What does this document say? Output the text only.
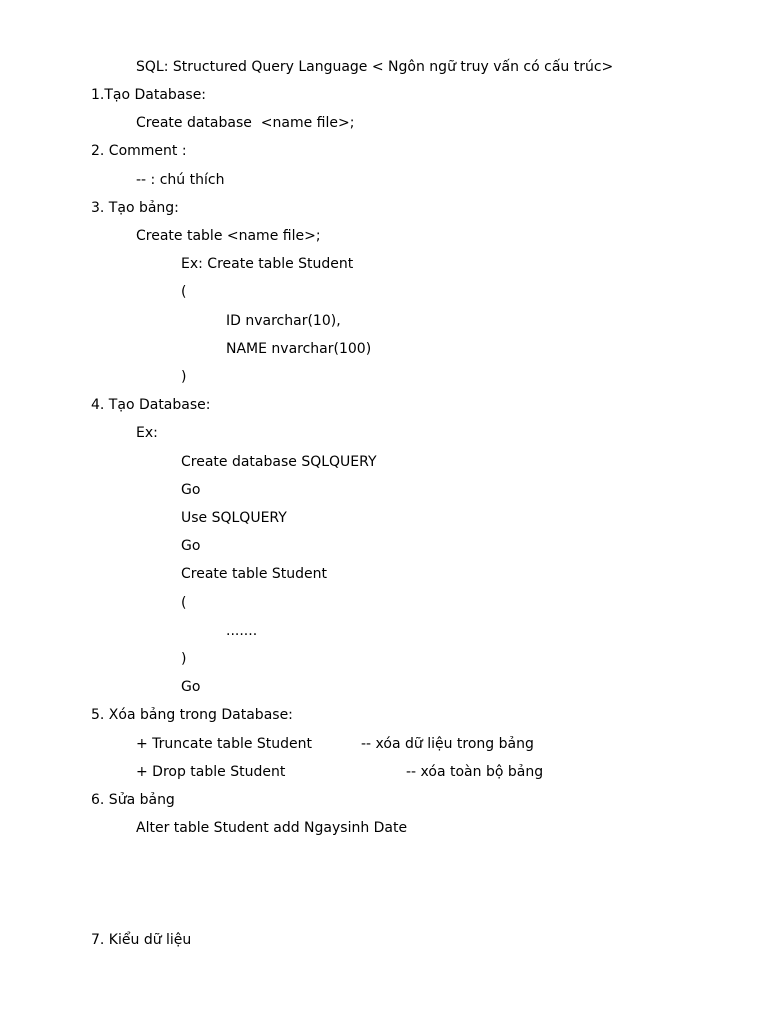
SQL: Structured Query Language < Ngôn ngữ truy vấn có cấu trúc>
1.Tạo Database:
Create database  <name file>;
2. Comment :
-- : chú thích
3. Tạo bảng:
Create table <name file>;
Ex: Create table Student
(
ID nvarchar(10),
NAME nvarchar(100)
)
4. Tạo Database:
Ex:
Create database SQLQUERY
Go
Use SQLQUERY
Go
Create table Student
(
.......
)
Go
5. Xóa bảng trong Database:
+ Truncate table Student	-- xóa dữ liệu trong bảng
+ Drop table Student	-- xóa toàn bộ bảng
6. Sửa bảng
Alter table Student add Ngaysinh Date
7. Kiểu dữ liệu
